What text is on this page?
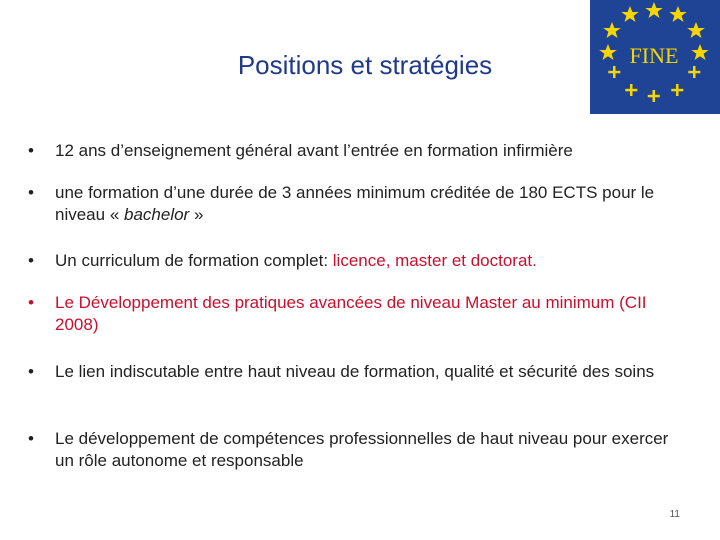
Positions et stratégies	FINE
• 12 ans d’enseignement général avant l’entrée en formation infirmière
• une formation d’une durée de 3 années minimum créditée de 180 ECTS pour le niveau « bachelor »
• Un curriculum de formation complet: licence, master et doctorat.
• Le Développement des pratiques avancées de niveau Master au minimum (CII 2008)
• Le lien indiscutable entre haut niveau de formation, qualité et sécurité des soins
• Le développement de compétences professionnelles de haut niveau pour exercer un rôle autonome et responsable
11
